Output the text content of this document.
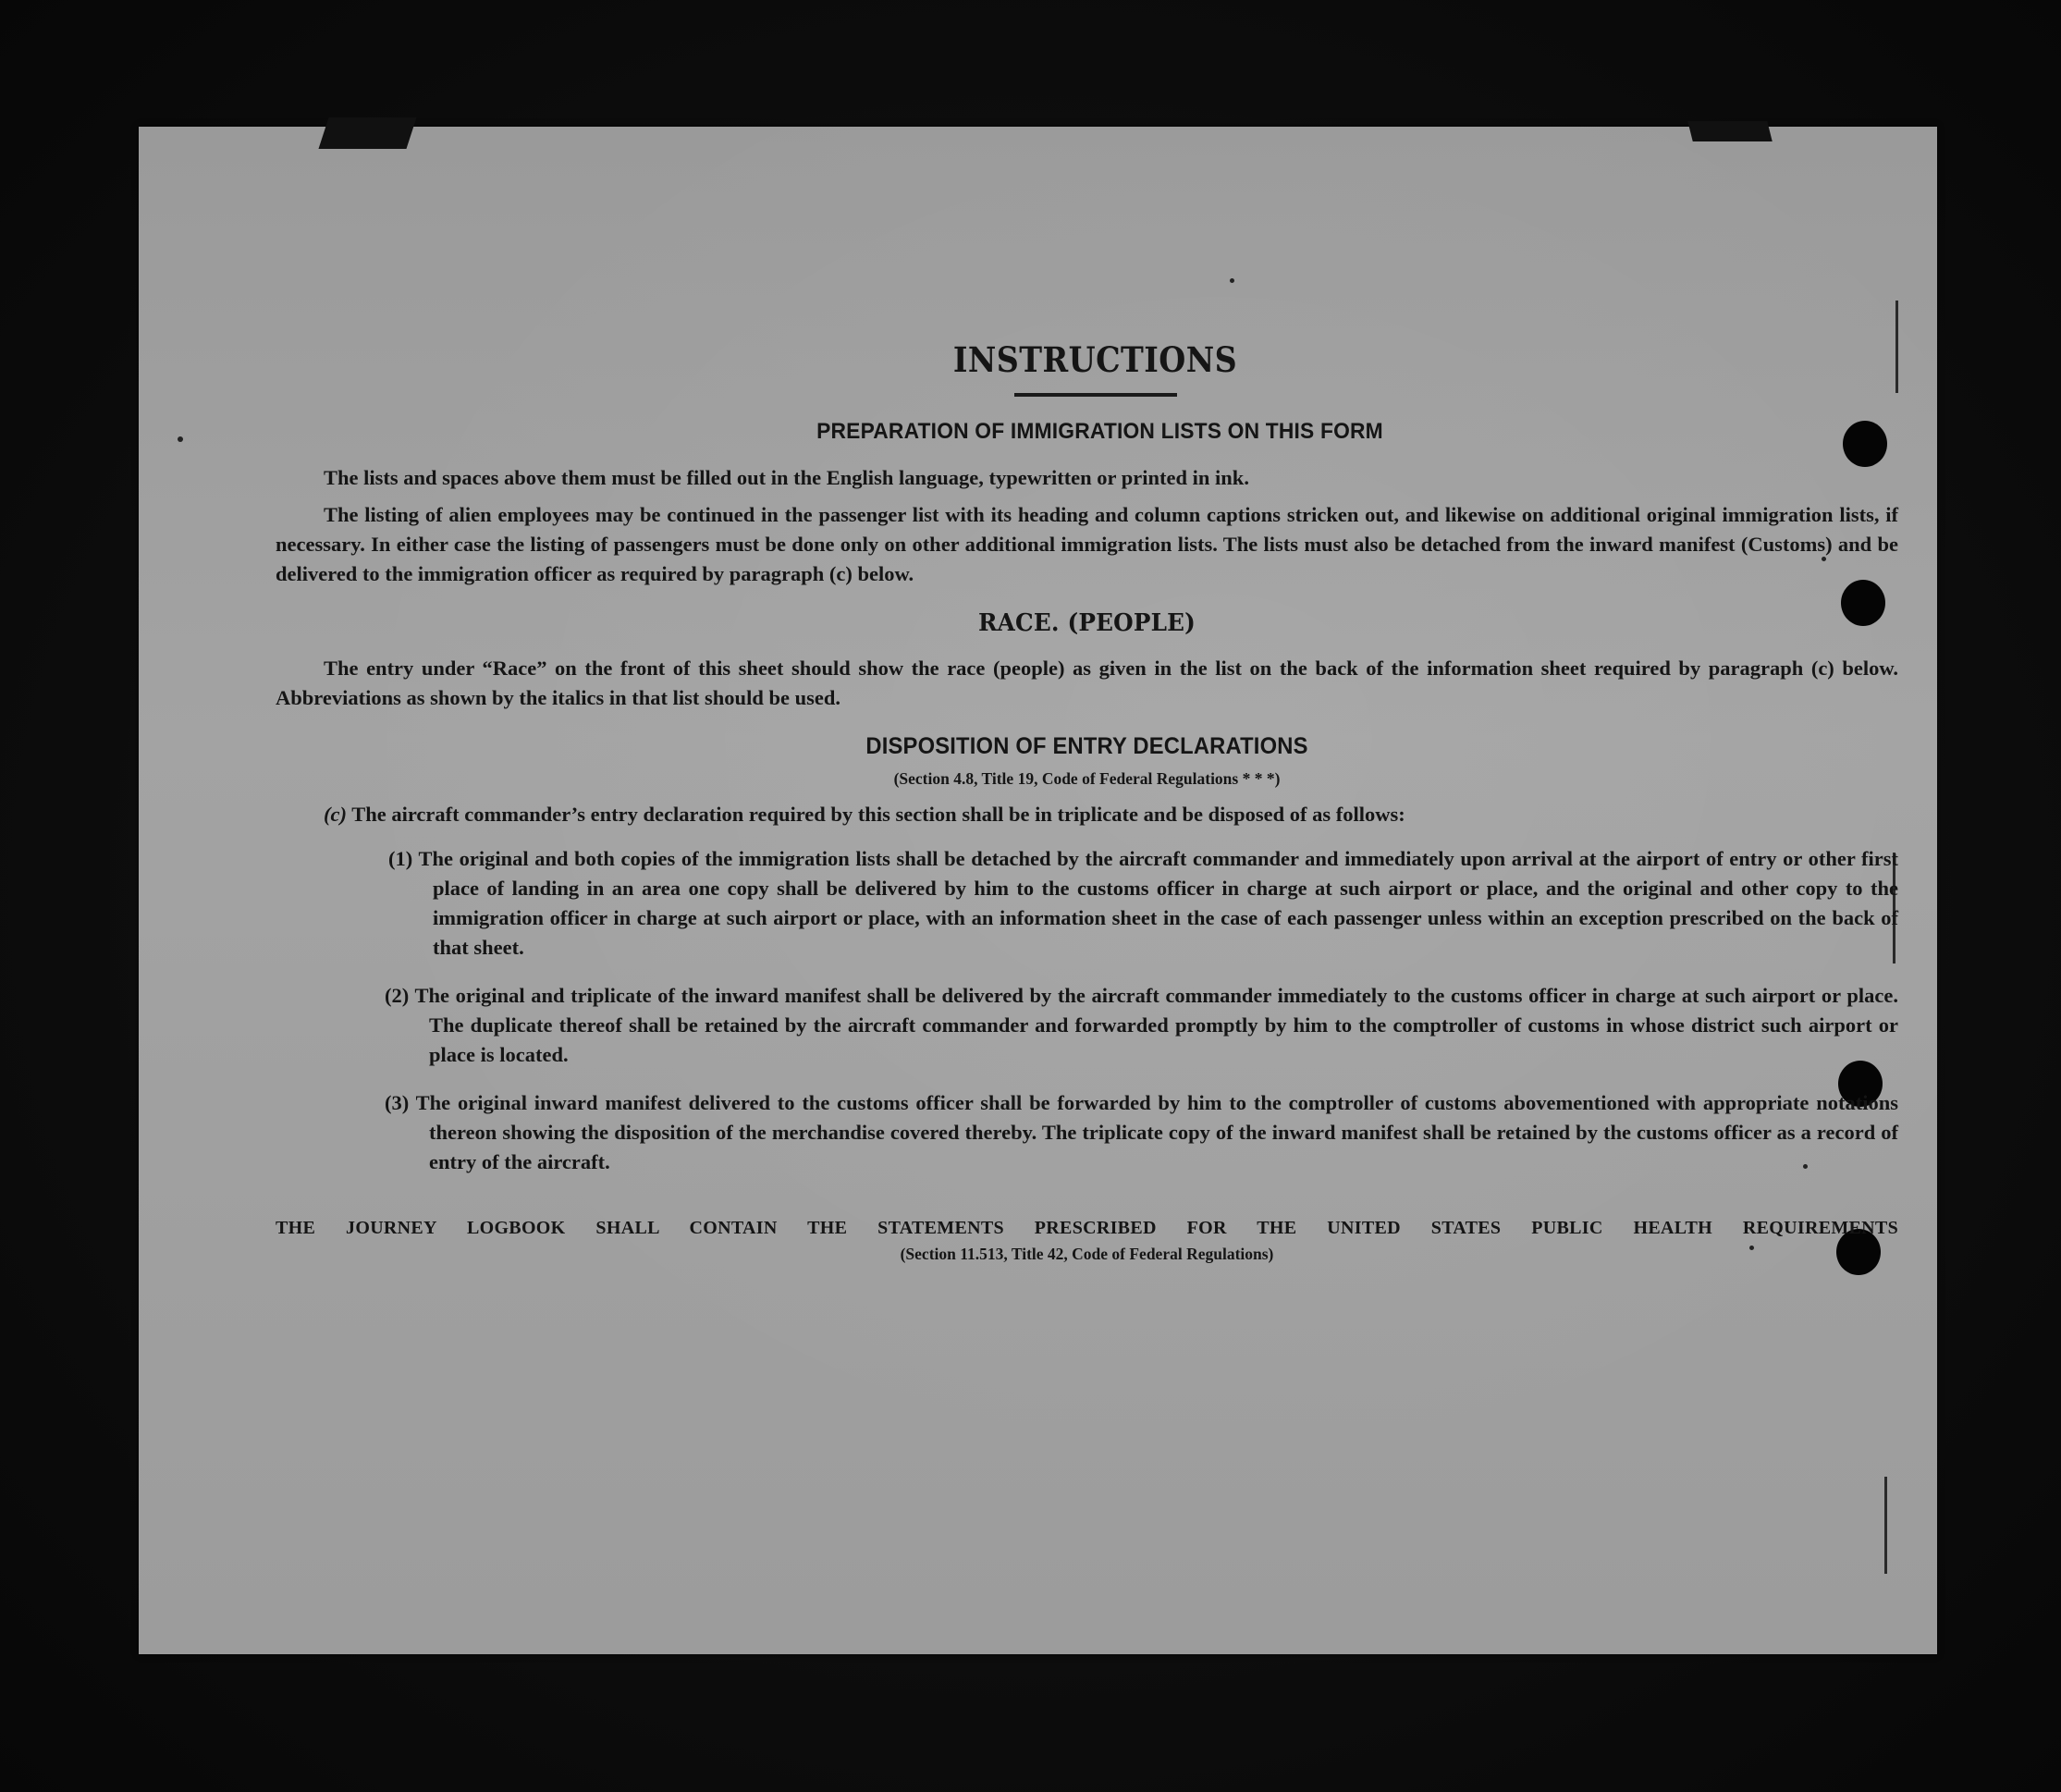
INSTRUCTIONS
PREPARATION OF IMMIGRATION LISTS ON THIS FORM

The lists and spaces above them must be filled out in the English language, typewritten or printed in ink.

The listing of alien employees may be continued in the passenger list with its heading and column captions stricken out, and likewise on additional original immigration lists, if necessary. In either case the listing of passengers must be done only on other additional immigration lists. The lists must also be detached from the inward manifest (Customs) and be delivered to the immigration officer as required by paragraph (c) below.

RACE. (PEOPLE)

The entry under “Race” on the front of this sheet should show the race (people) as given in the list on the back of the information sheet required by paragraph (c) below. Abbreviations as shown by the italics in that list should be used.

DISPOSITION OF ENTRY DECLARATIONS
(Section 4.8, Title 19, Code of Federal Regulations * * *)
(c) The aircraft commander’s entry declaration required by this section shall be in triplicate and be disposed of as follows:
(1) The original and both copies of the immigration lists shall be detached by the aircraft commander and immediately upon arrival at the airport of entry or other first place of landing in an area one copy shall be delivered by him to the customs officer in charge at such airport or place, and the original and other copy to the immigration officer in charge at such airport or place, with an information sheet in the case of each passenger unless within an exception prescribed on the back of that sheet.
(2) The original and triplicate of the inward manifest shall be delivered by the aircraft commander immediately to the customs officer in charge at such airport or place. The duplicate thereof shall be retained by the aircraft commander and forwarded promptly by him to the comptroller of customs in whose district such airport or place is located.
(3) The original inward manifest delivered to the customs officer shall be forwarded by him to the comptroller of customs abovementioned with appropriate notations thereon showing the disposition of the merchandise covered thereby. The triplicate copy of the inward manifest shall be retained by the customs officer as a record of entry of the aircraft.
THE JOURNEY LOGBOOK SHALL CONTAIN THE STATEMENTS PRESCRIBED FOR THE UNITED STATES PUBLIC HEALTH REQUIREMENTS
(Section 11.513, Title 42, Code of Federal Regulations)
